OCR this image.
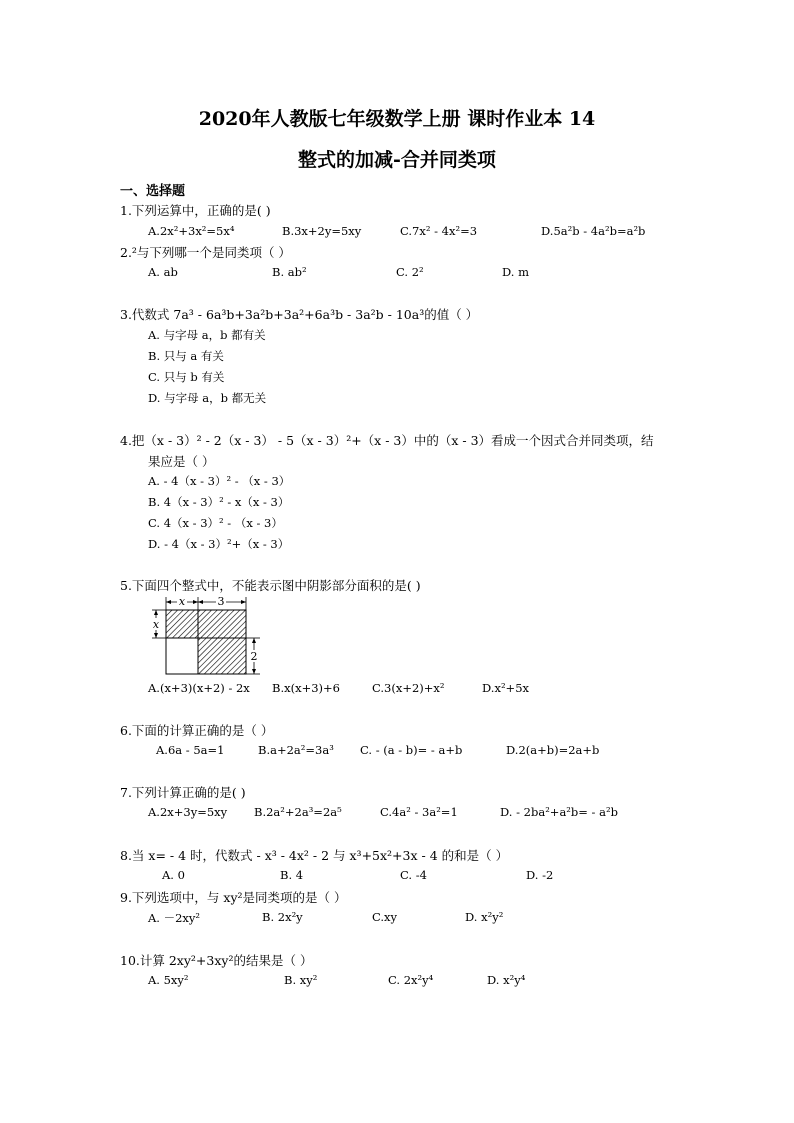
2020年人教版七年级数学上册 课时作业本 14
整式的加减-合并同类项
一、选择题
1.下列运算中，正确的是( )
A.2x²+3x²=5x⁴	B.3x+2y=5xy	C.7x² - 4x²=3	D.5a²b - 4a²b=a²b
2.²与下列哪一个是同类项（ ）
A. ab	B. ab²	C. 2²	D. m
3.代数式 7a³ - 6a³b+3a²b+3a²+6a³b - 3a²b - 10a³的值（ ）
A. 与字母 a，b 都有关
B. 只与 a 有关
C. 只与 b 有关
D. 与字母 a，b 都无关
4.把（x - 3）² - 2（x - 3） - 5（x - 3）²+（x - 3）中的（x - 3）看成一个因式合并同类项，结
果应是（ ）
A. - 4（x - 3）² - （x - 3）
B. 4（x - 3）² - x（x - 3）
C. 4（x - 3）² - （x - 3）
D. - 4（x - 3）²+（x - 3）
5.下面四个整式中，不能表示图中阴影部分面积的是( )
x	3
x
2
A.(x+3)(x+2) - 2x B.x(x+3)+6	C.3(x+2)+x²	D.x²+5x
6.下面的计算正确的是（ ）
A.6a - 5a=1	B.a+2a²=3a³ C. - (a - b)= - a+b	D.2(a+b)=2a+b
7.下列计算正确的是( )
A.2x+3y=5xy B.2a²+2a³=2a⁵	C.4a² - 3a²=1	D. - 2ba²+a²b= - a²b
8.当 x= - 4 时，代数式 - x³ - 4x² - 2 与 x³+5x²+3x - 4 的和是（ ）
A. 0	B. 4	C. -4	D. -2
9.下列选项中，与 xy²是同类项的是（ ）
A. －2xy²	B. 2x²y	C.xy	D. x²y²
10.计算 2xy²+3xy²的结果是（ ）
A. 5xy²	B. xy²	C. 2x²y⁴	D. x²y⁴
